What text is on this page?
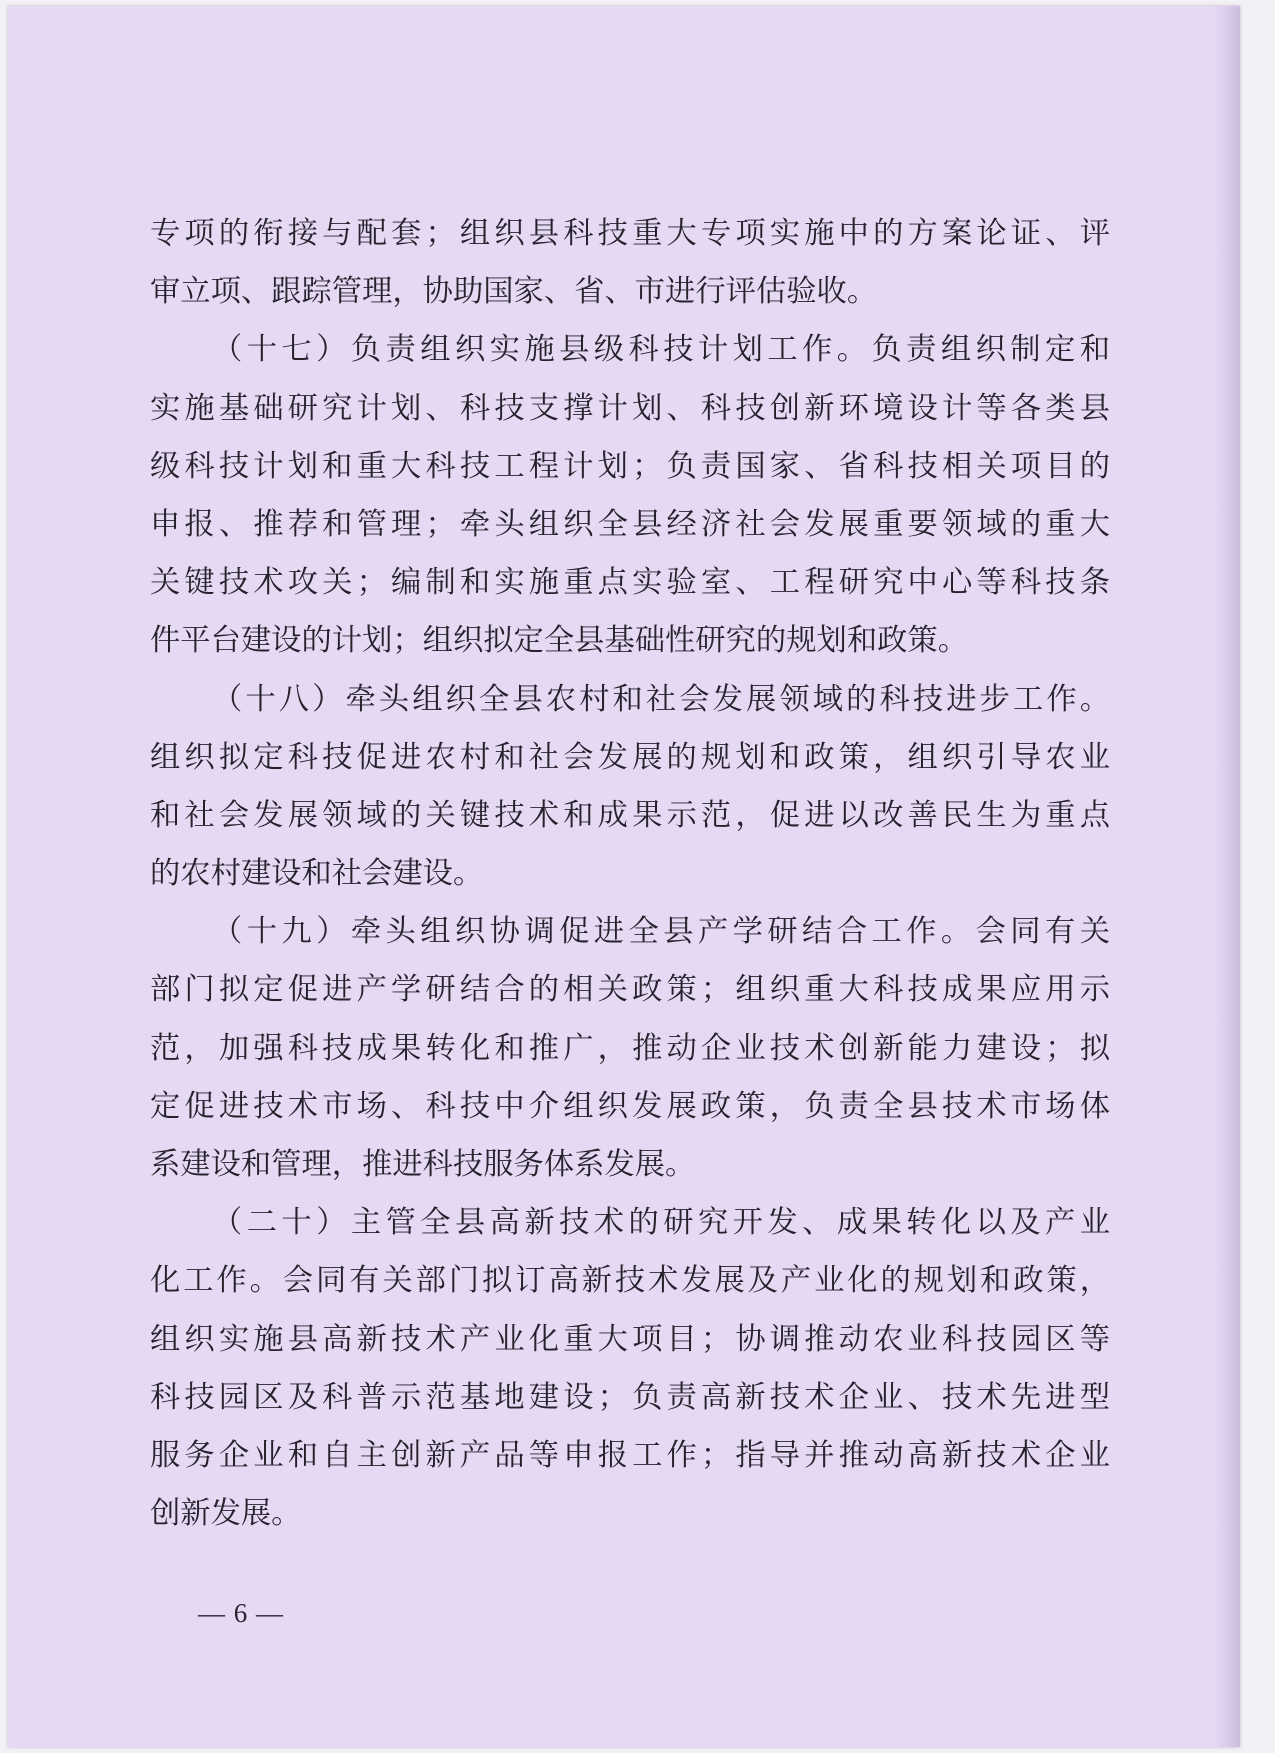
专项的衔接与配套；组织县科技重大专项实施中的方案论证、评
审立项、跟踪管理，协助国家、省、市进行评估验收。
（十七）负责组织实施县级科技计划工作。负责组织制定和
实施基础研究计划、科技支撑计划、科技创新环境设计等各类县
级科技计划和重大科技工程计划；负责国家、省科技相关项目的
申报、推荐和管理；牵头组织全县经济社会发展重要领域的重大
关键技术攻关；编制和实施重点实验室、工程研究中心等科技条
件平台建设的计划；组织拟定全县基础性研究的规划和政策。
（十八）牵头组织全县农村和社会发展领域的科技进步工作。
组织拟定科技促进农村和社会发展的规划和政策，组织引导农业
和社会发展领域的关键技术和成果示范，促进以改善民生为重点
的农村建设和社会建设。
（十九）牵头组织协调促进全县产学研结合工作。会同有关
部门拟定促进产学研结合的相关政策；组织重大科技成果应用示
范，加强科技成果转化和推广，推动企业技术创新能力建设；拟
定促进技术市场、科技中介组织发展政策，负责全县技术市场体
系建设和管理，推进科技服务体系发展。
（二十）主管全县高新技术的研究开发、成果转化以及产业
化工作。会同有关部门拟订高新技术发展及产业化的规划和政策，
组织实施县高新技术产业化重大项目；协调推动农业科技园区等
科技园区及科普示范基地建设；负责高新技术企业、技术先进型
服务企业和自主创新产品等申报工作；指导并推动高新技术企业
创新发展。
— 6 —
